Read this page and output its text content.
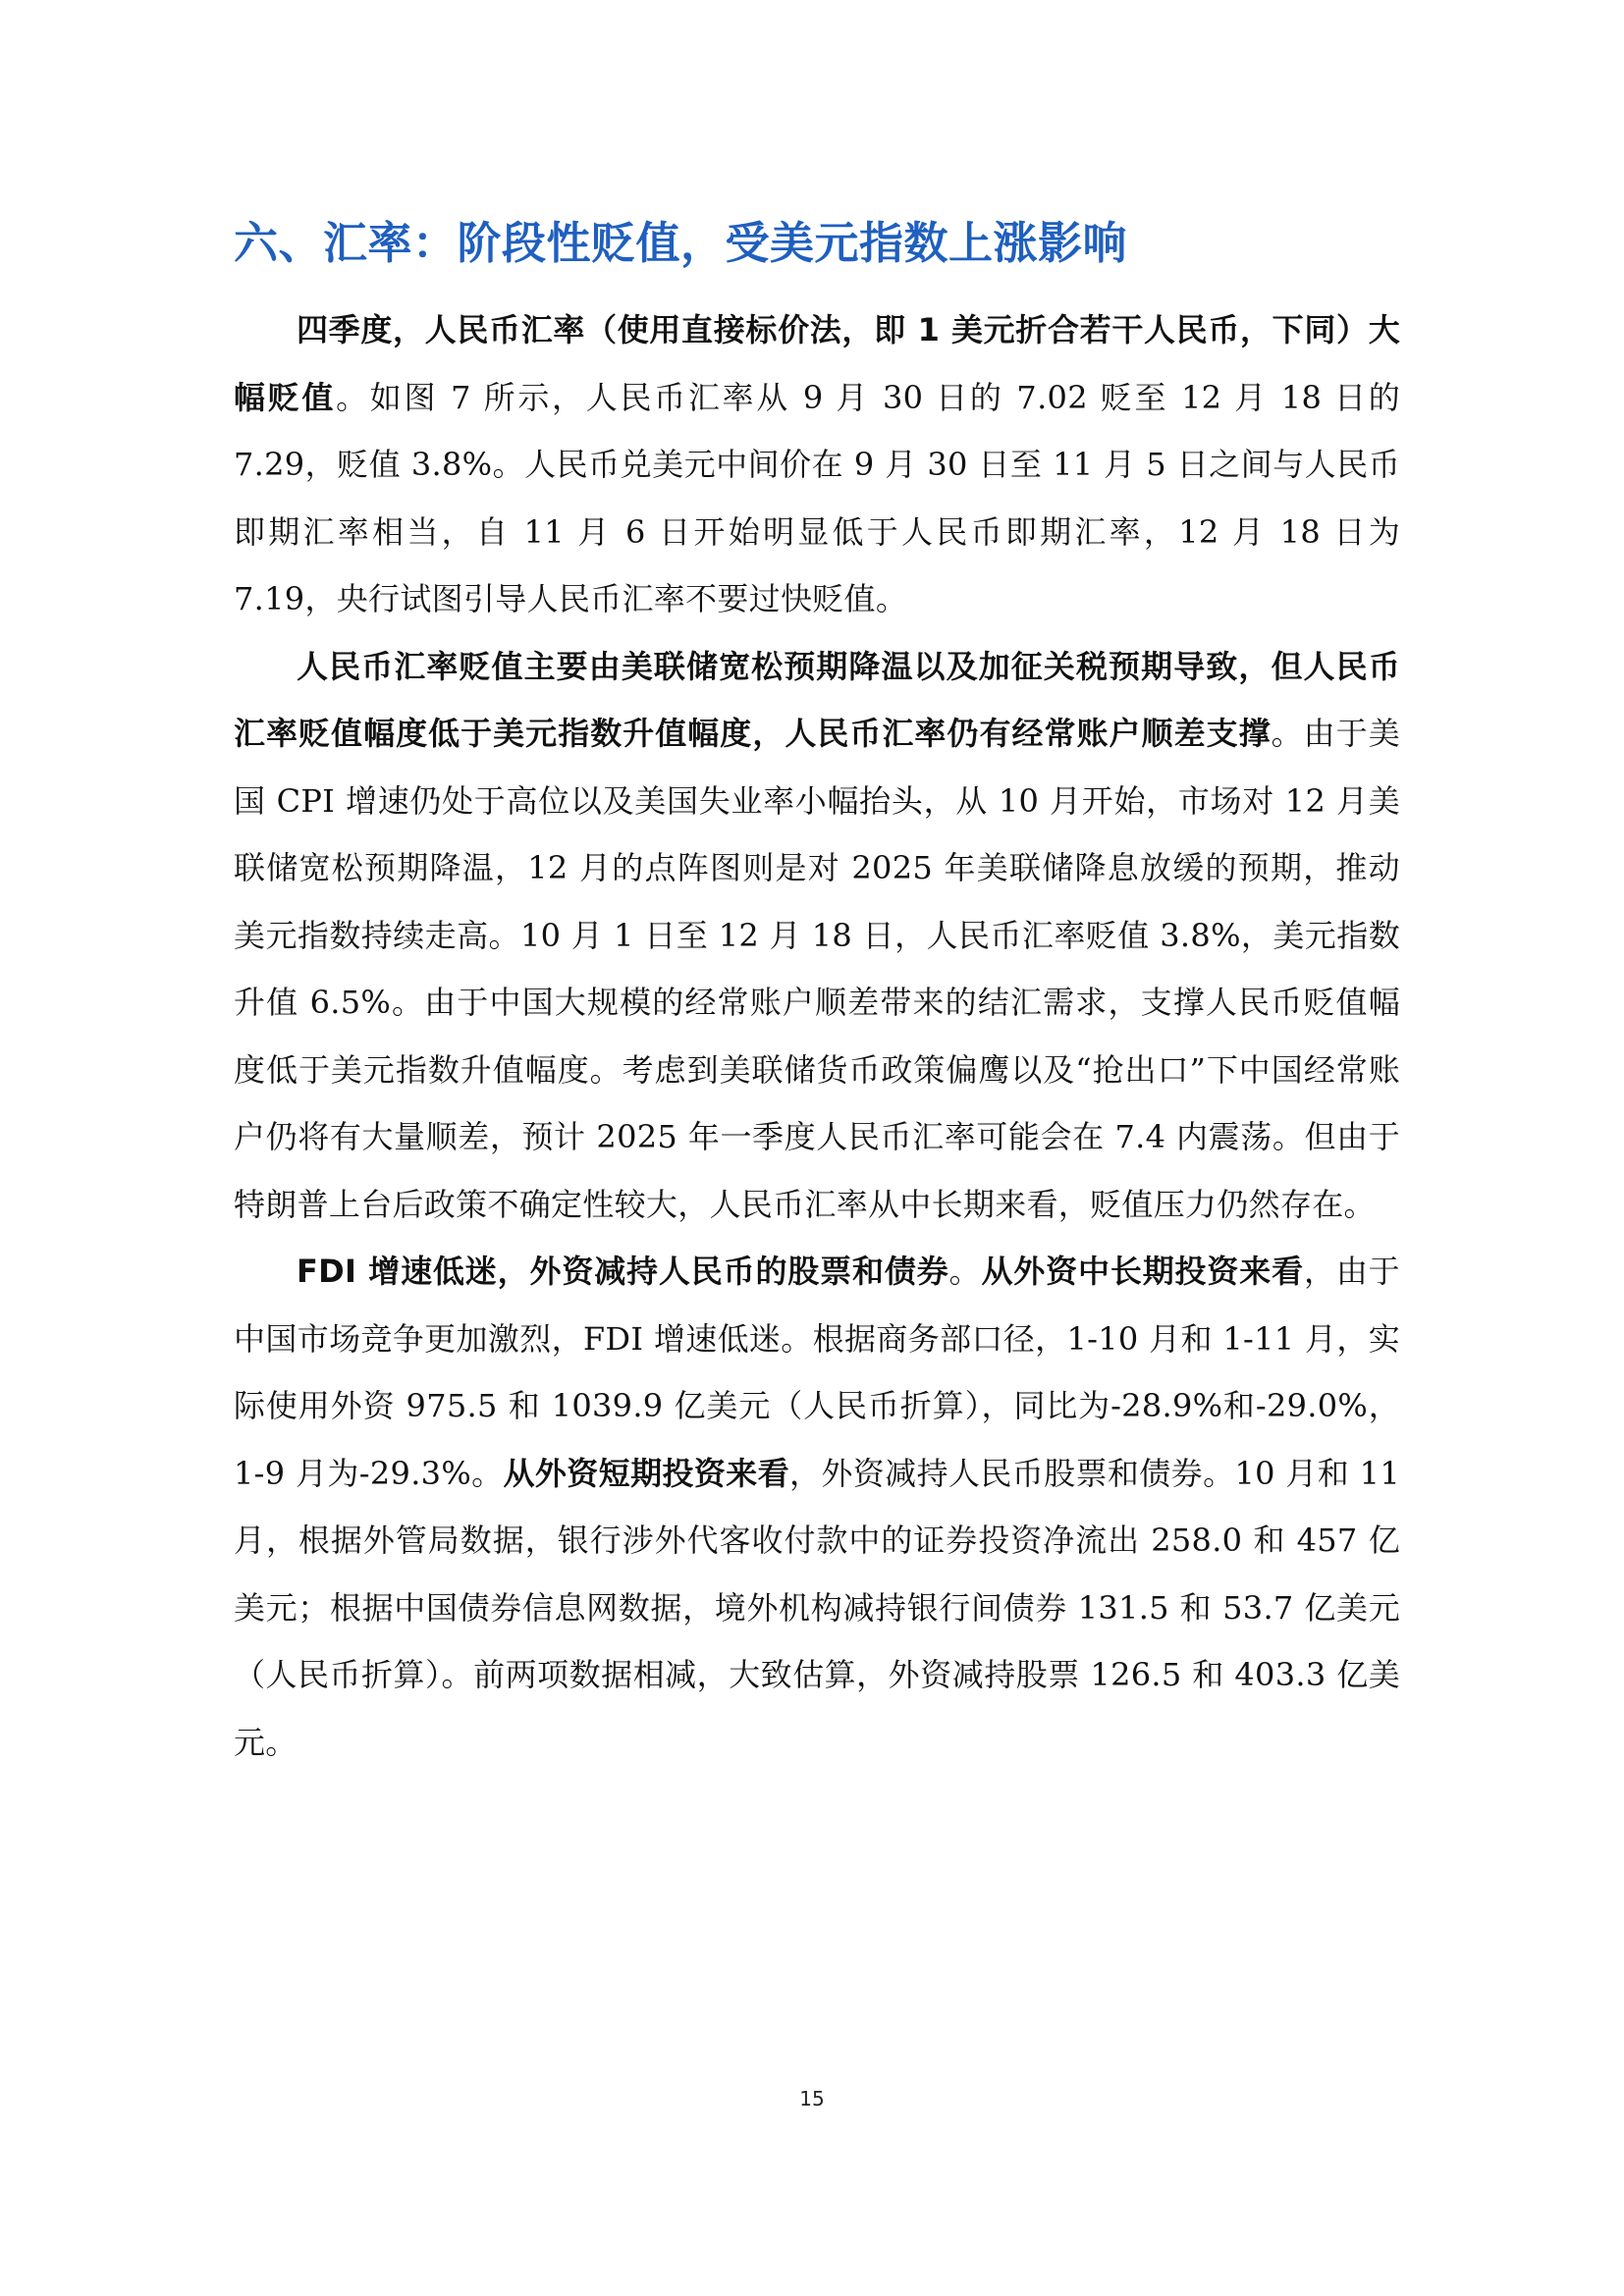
六、汇率：阶段性贬值，受美元指数上涨影响

四季度，人民币汇率（使用直接标价法，即 1 美元折合若干人民币，下同）大幅贬值。如图 7 所示，人民币汇率从 9 月 30 日的 7.02 贬至 12 月 18 日的 7.29，贬值 3.8%。人民币兑美元中间价在 9 月 30 日至 11 月 5 日之间与人民币即期汇率相当，自 11 月 6 日开始明显低于人民币即期汇率，12 月 18 日为 7.19，央行试图引导人民币汇率不要过快贬值。

人民币汇率贬值主要由美联储宽松预期降温以及加征关税预期导致，但人民币汇率贬值幅度低于美元指数升值幅度，人民币汇率仍有经常账户顺差支撑。由于美国 CPI 增速仍处于高位以及美国失业率小幅抬头，从 10 月开始，市场对 12 月美联储宽松预期降温，12 月的点阵图则是对 2025 年美联储降息放缓的预期，推动美元指数持续走高。10 月 1 日至 12 月 18 日，人民币汇率贬值 3.8%，美元指数升值 6.5%。由于中国大规模的经常账户顺差带来的结汇需求，支撑人民币贬值幅度低于美元指数升值幅度。考虑到美联储货币政策偏鹰以及“抢出口”下中国经常账户仍将有大量顺差，预计 2025 年一季度人民币汇率可能会在 7.4 内震荡。但由于特朗普上台后政策不确定性较大，人民币汇率从中长期来看，贬值压力仍然存在。

FDI 增速低迷，外资减持人民币的股票和债券。从外资中长期投资来看，由于中国市场竞争更加激烈，FDI 增速低迷。根据商务部口径，1-10 月和 1-11 月，实际使用外资 975.5 和 1039.9 亿美元（人民币折算），同比为-28.9%和-29.0%，1-9 月为-29.3%。从外资短期投资来看，外资减持人民币股票和债券。10 月和 11 月，根据外管局数据，银行涉外代客收付款中的证券投资净流出 258.0 和 457 亿美元；根据中国债券信息网数据，境外机构减持银行间债券 131.5 和 53.7 亿美元（人民币折算）。前两项数据相减，大致估算，外资减持股票 126.5 和 403.3 亿美元。

15
